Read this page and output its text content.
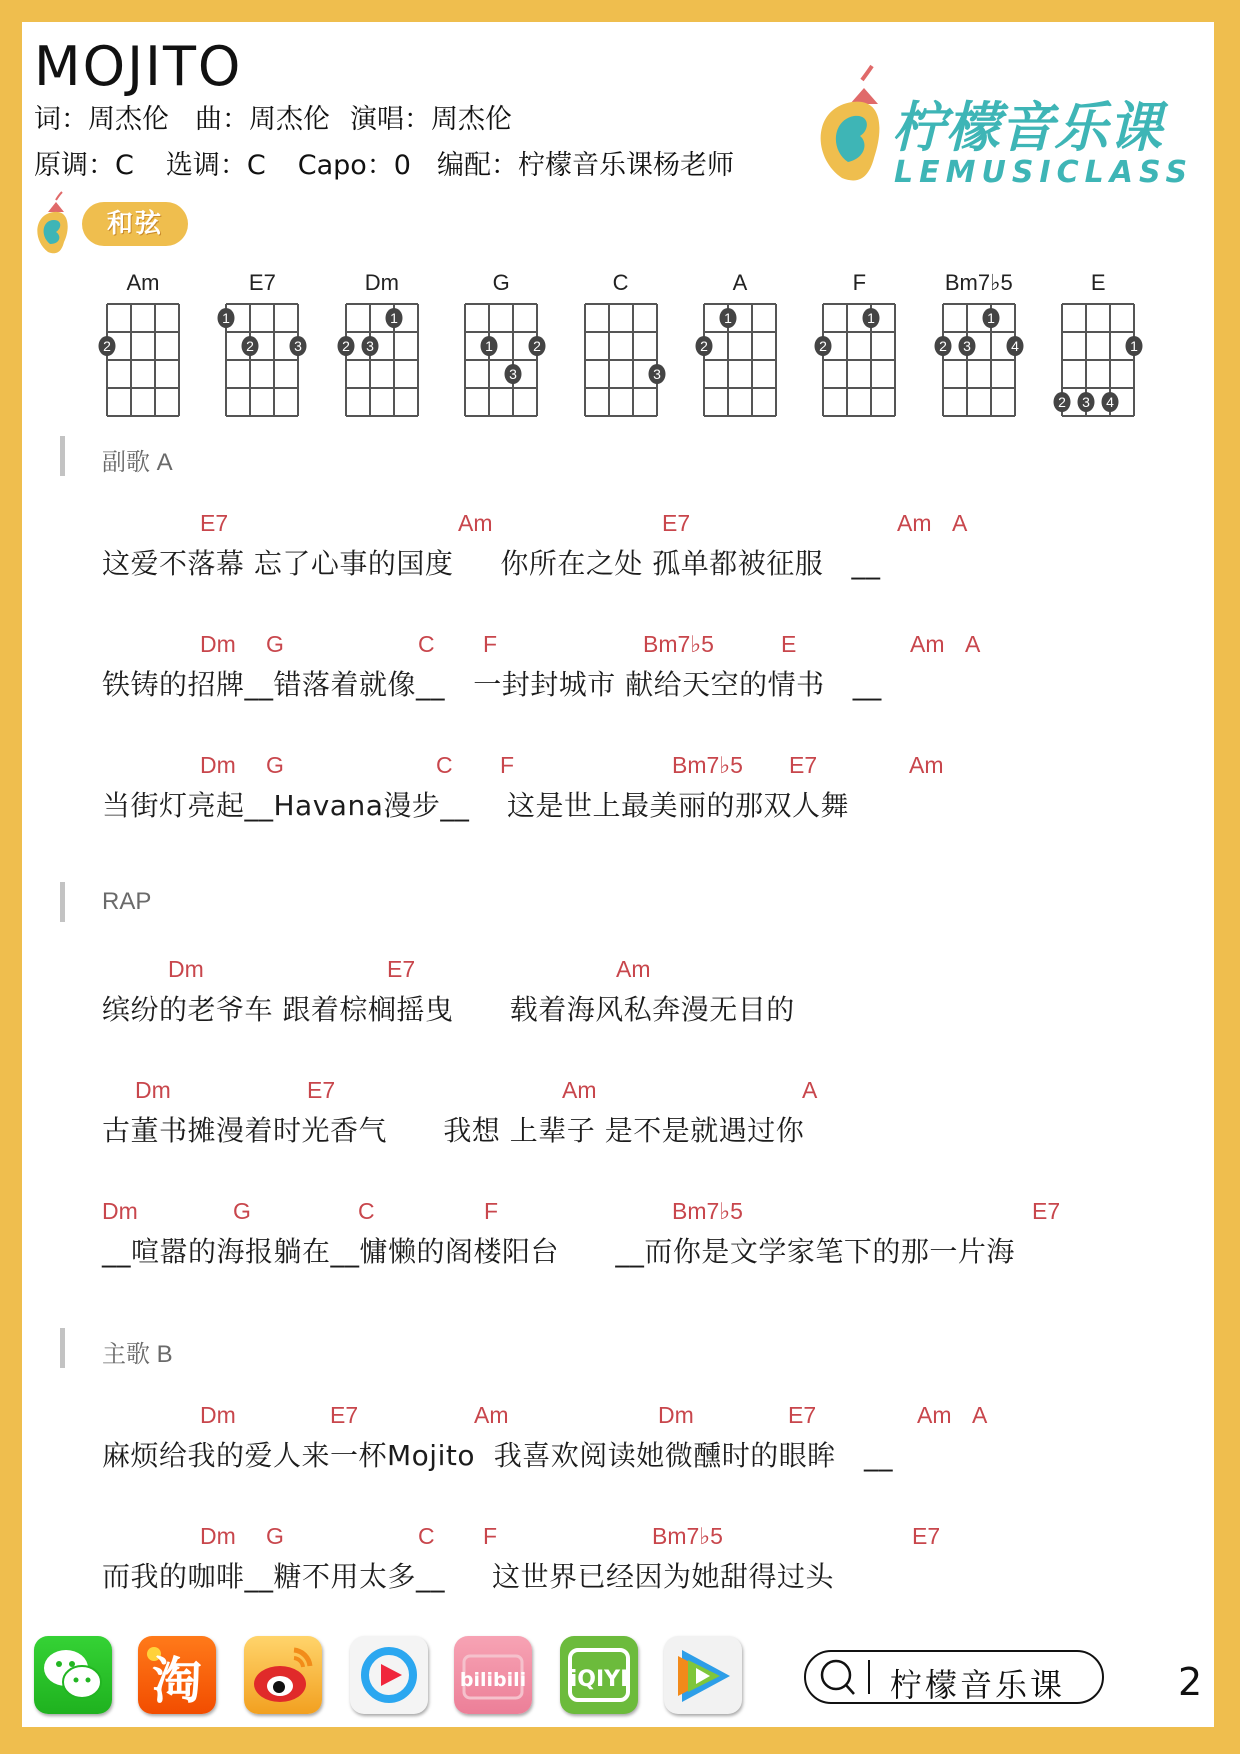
MOJITO
词：周杰伦 曲：周杰伦 演唱：周杰伦
原调：C 选调：C Capo：0 编配：柠檬音乐课杨老师
柠檬音乐课
LEMUSICLASS
和弦
Am
2
E7
1
2	3
Dm
1
2 3
G
1	2
3
C
3
A
1
2
F
1
2
Bm7♭5
1
2 3	4
E
1
2 3 4
副歌 A
RAP
主歌 B
E7	Am	E7	Am A
这爱不落幕 忘了心事的国度     你所在之处 孤单都被征服   __
Dm G	C F	Bm7♭5	E	Am A
铁铸的招牌__错落着就像__   一封封城市 献给天空的情书   __
Dm G	C F	Bm7♭5 E7	Am
当街灯亮起__Havana漫步__    这是世上最美丽的那双人舞
Dm	E7	Am
缤纷的老爷车 跟着棕榈摇曳      载着海风私奔漫无目的
Dm	E7	Am	A
古董书摊漫着时光香气      我想 上辈子 是不是就遇过你
Dm	G	C	F	Bm7♭5	E7
__喧嚣的海报躺在__慵懒的阁楼阳台      __而你是文学家笔下的那一片海
Dm	E7	Am	Dm	E7	Am A
麻烦给我的爱人来一杯Mojito  我喜欢阅读她微醺时的眼眸   __
Dm G	C F	Bm7♭5	E7
而我的咖啡__糖不用太多__     这世界已经因为她甜得过头
淘	bilibili iQIYI	柠檬音乐课	2
